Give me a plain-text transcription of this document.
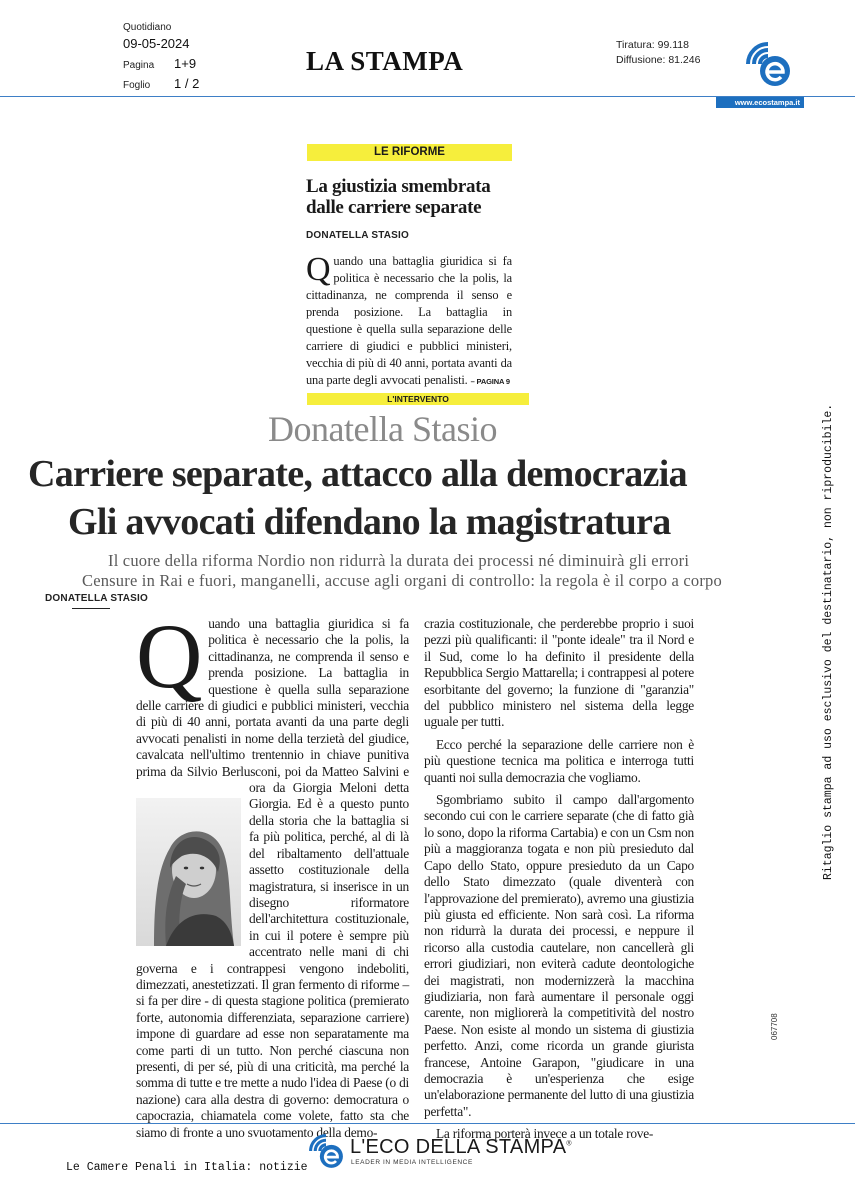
Quotidiano
09-05-2024
Pagina 1+9
Foglio 1 / 2
LA STAMPA
Tiratura: 99.118
Diffusione: 81.246
www.ecostampa.it
LE RIFORME
La giustizia smembrata
dalle carriere separate
DONATELLA STASIO
Quando una battaglia giuridica si fa politica è necessario che la polis, la cittadinanza, ne comprenda il senso e prenda posizione. La battaglia in questione è quella sulla separazione delle carriere di giudici e pubblici ministeri, vecchia di più di 40 anni, portata avanti da una parte degli avvocati penalisti. – PAGINA 9
L'INTERVENTO
Donatella Stasio
Carriere separate, attacco alla democrazia
Gli avvocati difendano la magistratura
Il cuore della riforma Nordio non ridurrà la durata dei processi né diminuirà gli errori
Censure in Rai e fuori, manganelli, accuse agli organi di controllo: la regola è il corpo a corpo
DONATELLA STASIO
Q uando una battaglia giuridica si fa politica è necessario che la polis, la cittadinanza, ne comprenda il senso e prenda posizione. La battaglia in questione è quella sulla separazione delle carriere di giudici e pubblici ministeri, vecchia di più di 40 anni, portata avanti da una parte degli avvocati penalisti in nome della terzietà del giudice, cavalcata nell'ultimo trentennio in chiave punitiva prima da Silvio Berlusconi, poi da Matteo Salvini e ora da Giorgia Meloni detta Giorgia. Ed è a questo punto della storia che la battaglia si fa più politica, perché, al di là del ribaltamento dell'attuale assetto costituzionale della magistratura, si inserisce in un disegno riformatore dell'architettura costituzionale, in cui il potere è sempre più accentrato nelle mani di chi governa e i contrappesi vengono indeboliti, dimezzati, anestetizzati. Il gran fermento di riforme – si fa per dire - di questa stagione politica (premierato forte, autonomia differenziata, separazione carriere) impone di guardare ad esse non separatamente ma come parti di un tutto. Non perché ciascuna non presenti, di per sé, più di una criticità, ma perché la somma di tutte e tre mette a nudo l'idea di Paese (o di nazione) cara alla destra di governo: democratura o capocrazia, chiamatela come volete, fatto sta che siamo di fronte a uno svuotamento della demo-

crazia costituzionale, che perderebbe proprio i suoi pezzi più qualificanti: il "ponte ideale" tra il Nord e il Sud, come lo ha definito il presidente della Repubblica Sergio Mattarella; i contrappesi al potere esorbitante del governo; la funzione di "garanzia" del pubblico ministero nel sistema della legge uguale per tutti.

Ecco perché la separazione delle carriere non è più questione tecnica ma politica e interroga tutti quanti noi sulla democrazia che vogliamo.

Sgombriamo subito il campo dall'argomento secondo cui con le carriere separate (che di fatto già lo sono, dopo la riforma Cartabia) e con un Csm non più a maggioranza togata e non più presieduto dal Capo dello Stato, oppure presieduto da un Capo dello Stato dimezzato (quale diventerà con l'approvazione del premierato), avremo una giustizia più giusta ed efficiente. Non sarà così. La riforma non ridurrà la durata dei processi, e neppure il ricorso alla custodia cautelare, non cancellerà gli errori giudiziari, non eviterà cadute deontologiche dei magistrati, non modernizzerà la macchina giudiziaria, non farà aumentare il personale oggi carente, non migliorerà la competitività del nostro Paese. Non esiste al mondo un sistema di giustizia perfetto. Anzi, come ricorda un grande giurista francese, Antoine Garapon, "giudicare in una democrazia è un'esperienza che esige un'elaborazione permanente del lutto di una giustizia perfetta".

La riforma porterà invece a un totale rove-

Ritaglio stampa ad uso esclusivo del destinatario, non riproducibile.
067708
L'ECO DELLA STAMPA®
LEADER IN MEDIA INTELLIGENCE
Le Camere Penali in Italia: notizie
